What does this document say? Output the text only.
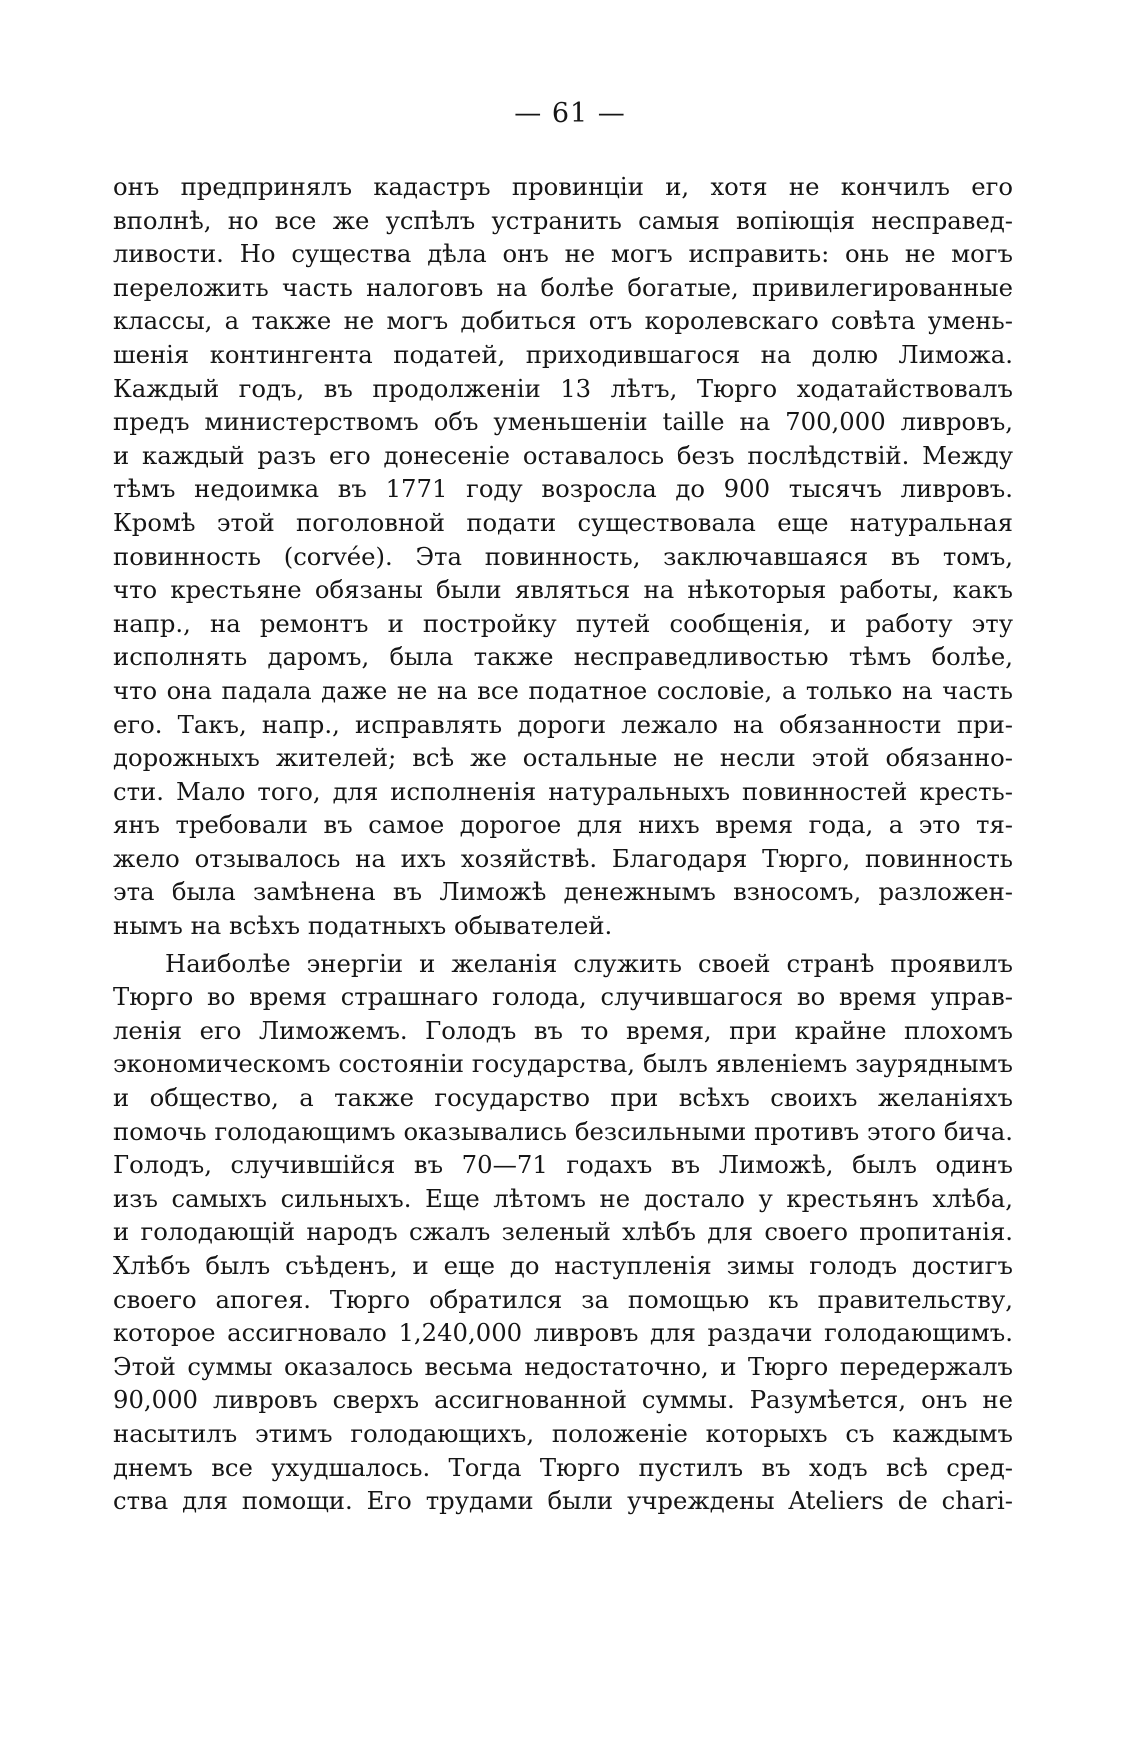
— 61 —
онъ предпринялъ кадастръ провинціи и, хотя не кончилъ его
вполнѣ, но все же успѣлъ устранить самыя вопіющія несправед-
ливости. Но существа дѣла онъ не могъ исправить: онь не могъ
переложить часть налоговъ на болѣе богатые, привилегированные
классы, а также не могъ добиться отъ королевскаго совѣта умень-
шенія контингента податей, приходившагося на долю Лиможа.
Каждый годъ, въ продолженіи 13 лѣтъ, Тюрго ходатайствовалъ
предъ министерствомъ объ уменьшеніи taille на 700,000 ливровъ,
и каждый разъ его донесеніе оставалось безъ послѣдствій. Между
тѣмъ недоимка въ 1771 году возросла до 900 тысячъ ливровъ.
Кромѣ этой поголовной подати существовала еще натуральная
повинность (corvée). Эта повинность, заключавшаяся въ томъ,
что крестьяне обязаны были являться на нѣкоторыя работы, какъ
напр., на ремонтъ и постройку путей сообщенія, и работу эту
исполнять даромъ, была также несправедливостью тѣмъ болѣе,
что она падала даже не на все податное сословіе, а только на часть
его. Такъ, напр., исправлять дороги лежало на обязанности при-
дорожныхъ жителей; всѣ же остальные не несли этой обязанно-
сти. Мало того, для исполненія натуральныхъ повинностей кресть-
янъ требовали въ самое дорогое для нихъ время года, а это тя-
жело отзывалось на ихъ хозяйствѣ. Благодаря Тюрго, повинность
эта была замѣнена въ Лиможѣ денежнымъ взносомъ, разложен-
нымъ на всѣхъ податныхъ обывателей.
Наиболѣе энергіи и желанія служить своей странѣ проявилъ
Тюрго во время страшнаго голода, случившагося во время управ-
ленія его Лиможемъ. Голодъ въ то время, при крайне плохомъ
экономическомъ состояніи государства, былъ явленіемъ зауряднымъ
и общество, а также государство при всѣхъ своихъ желаніяхъ
помочь голодающимъ оказывались безсильными противъ этого бича.
Голодъ, случившійся въ 70—71 годахъ въ Лиможѣ, былъ одинъ
изъ самыхъ сильныхъ. Еще лѣтомъ не достало у крестьянъ хлѣба,
и голодающій народъ сжалъ зеленый хлѣбъ для своего пропитанія.
Хлѣбъ былъ съѣденъ, и еще до наступленія зимы голодъ достигъ
своего апогея. Тюрго обратился за помощью къ правительству,
которое ассигновало 1,240,000 ливровъ для раздачи голодающимъ.
Этой суммы оказалось весьма недостаточно, и Тюрго передержалъ
90,000 ливровъ сверхъ ассигнованной суммы. Разумѣется, онъ не
насытилъ этимъ голодающихъ, положеніе которыхъ съ каждымъ
днемъ все ухудшалось. Тогда Тюрго пустилъ въ ходъ всѣ сред-
ства для помощи. Его трудами были учреждены Ateliers de chari-
